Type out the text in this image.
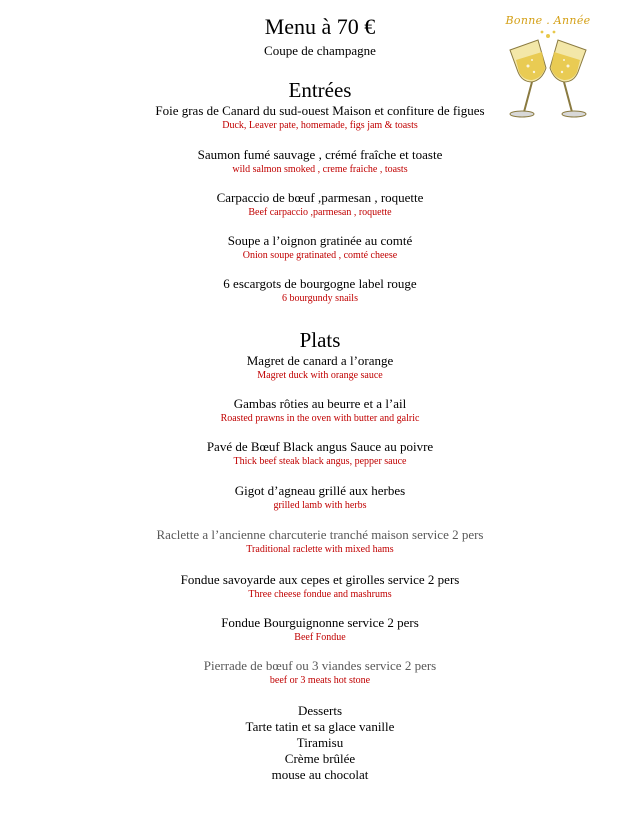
Menu à 70 €
Coupe de champagne
Bonne . Année
Entrées
Foie gras de Canard du sud-ouest Maison et confiture de figues
Duck, Leaver pate, homemade, figs jam & toasts
Saumon fumé sauvage , crémé fraîche et toaste
wild salmon smoked , creme fraiche , toasts
Carpaccio de bœuf ,parmesan , roquette
Beef carpaccio ,parmesan , roquette
Soupe a l’oignon gratinée au comté
Onion soupe gratinated , comté cheese
6 escargots de bourgogne label rouge
6 bourgundy snails
Plats
Magret de canard a l’orange
Magret duck with orange sauce
Gambas rôties au beurre et a l’ail
Roasted prawns in the oven with butter and galric
Pavé de Bœuf Black angus Sauce au poivre
Thick beef steak black angus, pepper sauce
Gigot d’agneau grillé aux herbes
grilled lamb with herbs
Raclette a l’ancienne charcuterie tranché maison service 2 pers
Traditional raclette with mixed hams
Fondue savoyarde aux cepes et girolles service 2 pers
Three cheese fondue and mashrums
Fondue Bourguignonne service 2 pers
Beef Fondue
Pierrade de bœuf ou 3 viandes service 2 pers
beef or 3 meats hot stone
Desserts
Tarte tatin et sa glace vanille
Tiramisu
Crème brûlée
mouse au chocolat
